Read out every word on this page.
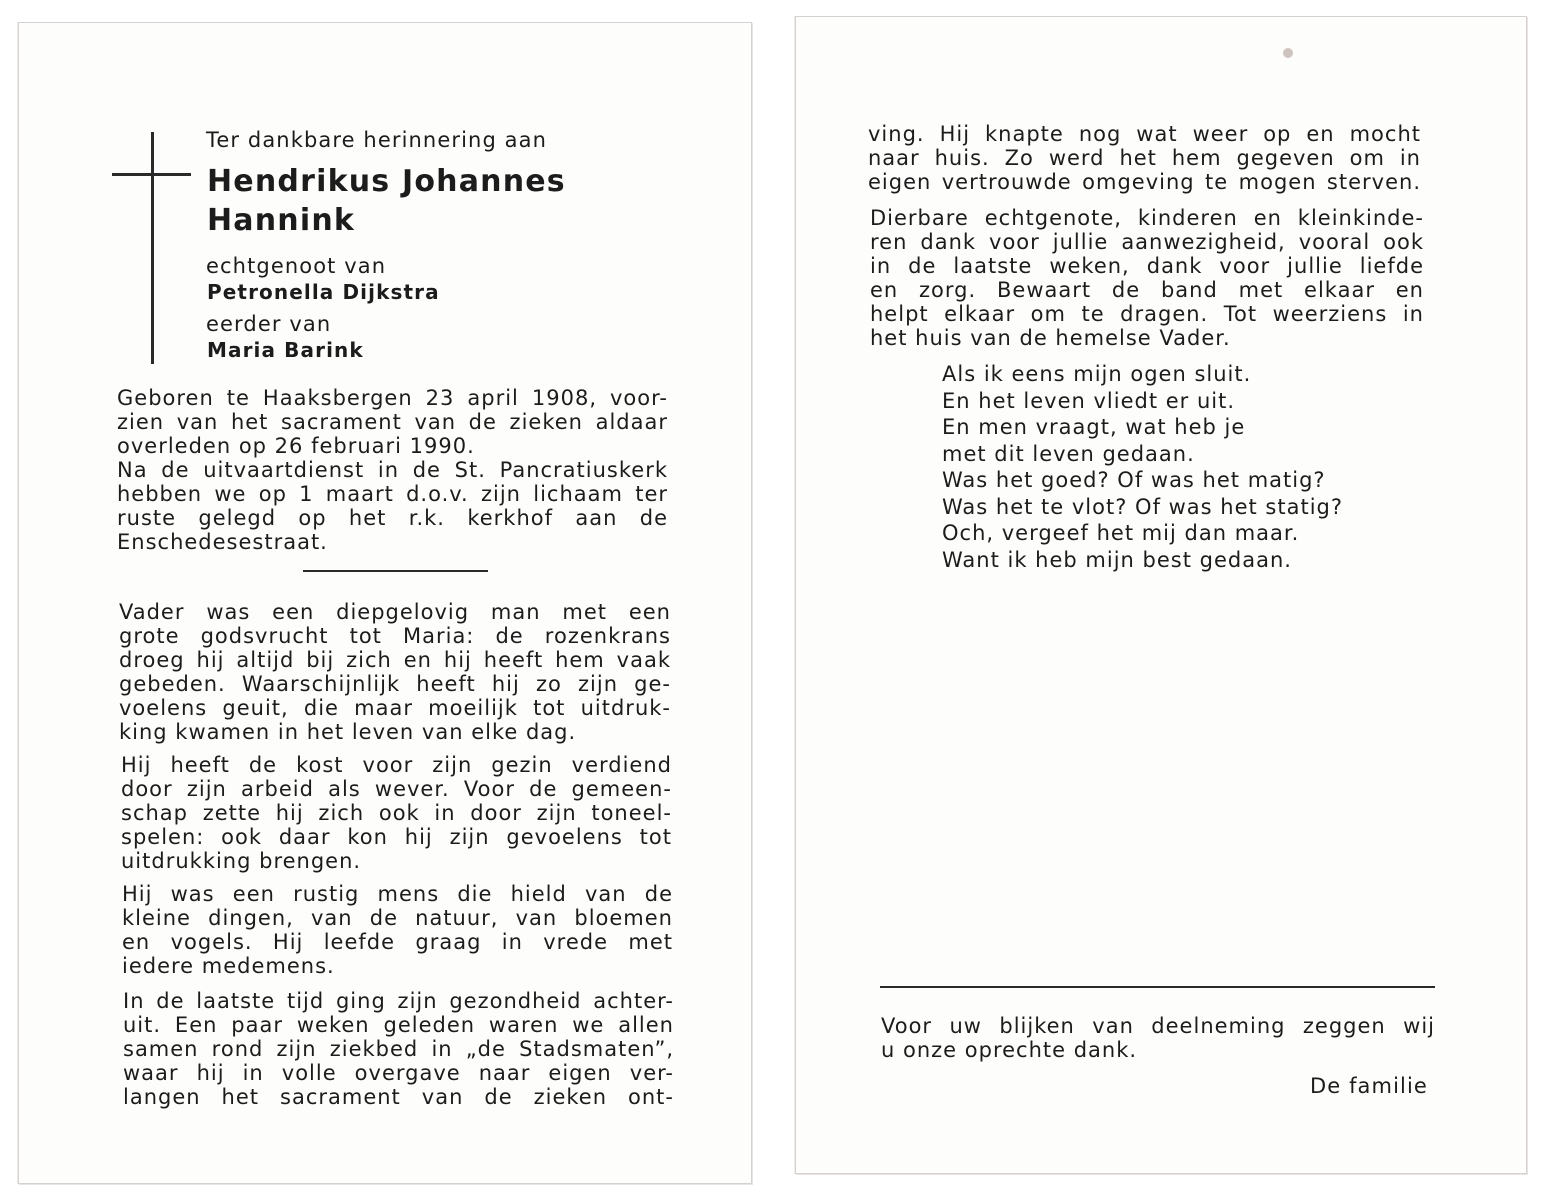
Ter dankbare herinnering aan
Hendrikus Johannes
Hannink
echtgenoot van
Petronella Dijkstra
eerder van
Maria Barink
Geboren te Haaksbergen 23 april 1908, voor-
zien van het sacrament van de zieken aldaar
overleden op 26 februari 1990.
Na de uitvaartdienst in de St. Pancratiuskerk
hebben we op 1 maart d.o.v. zijn lichaam ter
ruste gelegd op het r.k. kerkhof aan de
Enschedesestraat.
Vader was een diepgelovig man met een
grote godsvrucht tot Maria: de rozenkrans
droeg hij altijd bij zich en hij heeft hem vaak
gebeden. Waarschijnlijk heeft hij zo zijn ge-
voelens geuit, die maar moeilijk tot uitdruk-
king kwamen in het leven van elke dag.
Hij heeft de kost voor zijn gezin verdiend
door zijn arbeid als wever. Voor de gemeen-
schap zette hij zich ook in door zijn toneel-
spelen: ook daar kon hij zijn gevoelens tot
uitdrukking brengen.
Hij was een rustig mens die hield van de
kleine dingen, van de natuur, van bloemen
en vogels. Hij leefde graag in vrede met
iedere medemens.
In de laatste tijd ging zijn gezondheid achter-
uit. Een paar weken geleden waren we allen
samen rond zijn ziekbed in „de Stadsmaten”,
waar hij in volle overgave naar eigen ver-
langen het sacrament van de zieken ont-
ving. Hij knapte nog wat weer op en mocht
naar huis. Zo werd het hem gegeven om in
eigen vertrouwde omgeving te mogen sterven.
Dierbare echtgenote, kinderen en kleinkinde-
ren dank voor jullie aanwezigheid, vooral ook
in de laatste weken, dank voor jullie liefde
en zorg. Bewaart de band met elkaar en
helpt elkaar om te dragen. Tot weerziens in
het huis van de hemelse Vader.
Als ik eens mijn ogen sluit.
En het leven vliedt er uit.
En men vraagt, wat heb je
met dit leven gedaan.
Was het goed? Of was het matig?
Was het te vlot? Of was het statig?
Och, vergeef het mij dan maar.
Want ik heb mijn best gedaan.
Voor uw blijken van deelneming zeggen wij
u onze oprechte dank.
De familie
